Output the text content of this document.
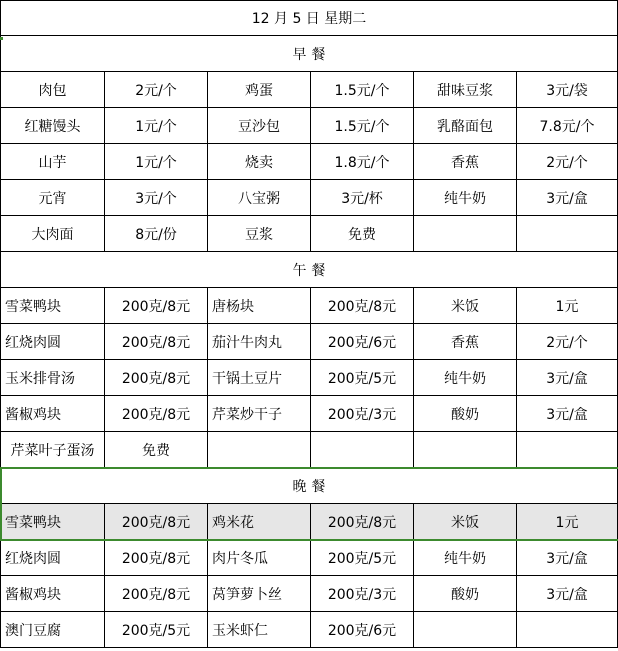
12 月 5 日 星期二
早 餐
肉包	2元/个	鸡蛋	1.5元/个	甜味豆浆	3元/袋
红糖馒头	1元/个	豆沙包	1.5元/个	乳酪面包	7.8元/个
山芋	1元/个	烧卖	1.8元/个	香蕉	2元/个
元宵	3元/个	八宝粥	3元/杯	纯牛奶	3元/盒
大肉面	8元/份	豆浆	免费
午 餐
雪菜鸭块	200克/8元	唐杨块	200克/8元	米饭	1元
红烧肉圆	200克/8元	茄汁牛肉丸	200克/6元	香蕉	2元/个
玉米排骨汤	200克/8元	干锅土豆片	200克/5元	纯牛奶	3元/盒
酱椒鸡块	200克/8元	芹菜炒干子	200克/3元	酸奶	3元/盒
芹菜叶子蛋汤	免费
晚 餐
雪菜鸭块	200克/8元	鸡米花	200克/8元	米饭	1元
红烧肉圆	200克/8元	肉片冬瓜	200克/5元	纯牛奶	3元/盒
酱椒鸡块	200克/8元	莴笋萝卜丝	200克/3元	酸奶	3元/盒
澳门豆腐	200克/5元	玉米虾仁	200克/6元
